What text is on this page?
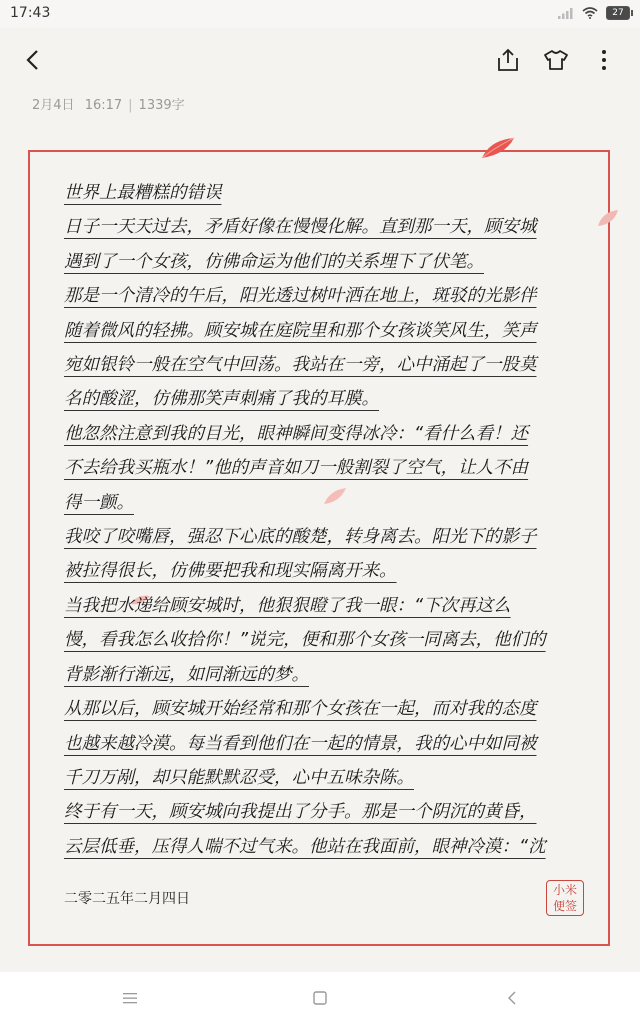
17:43	27
2月4日 16:17 | 1339字
世界上最糟糕的错误
日子一天天过去，矛盾好像在慢慢化解。直到那一天，顾安城
遇到了一个女孩，仿佛命运为他们的关系埋下了伏笔。
那是一个清冷的午后，阳光透过树叶洒在地上，斑驳的光影伴
随着微风的轻拂。顾安城在庭院里和那个女孩谈笑风生，笑声
宛如银铃一般在空气中回荡。我站在一旁，心中涌起了一股莫
名的酸涩，仿佛那笑声刺痛了我的耳膜。
他忽然注意到我的目光，眼神瞬间变得冰冷：“看什么看！还
不去给我买瓶水！”他的声音如刀一般割裂了空气，让人不由
得一颤。
我咬了咬嘴唇，强忍下心底的酸楚，转身离去。阳光下的影子
被拉得很长，仿佛要把我和现实隔离开来。
当我把水递给顾安城时，他狠狠瞪了我一眼：“下次再这么
慢，看我怎么收拾你！”说完，便和那个女孩一同离去，他们的
背影渐行渐远，如同渐远的梦。
从那以后，顾安城开始经常和那个女孩在一起，而对我的态度
也越来越冷漠。每当看到他们在一起的情景，我的心中如同被
千刀万剐，却只能默默忍受，心中五味杂陈。
终于有一天，顾安城向我提出了分手。那是一个阴沉的黄昏，
云层低垂，压得人喘不过气来。他站在我面前，眼神冷漠：“沈
二零二五年二月四日
小米
便签
